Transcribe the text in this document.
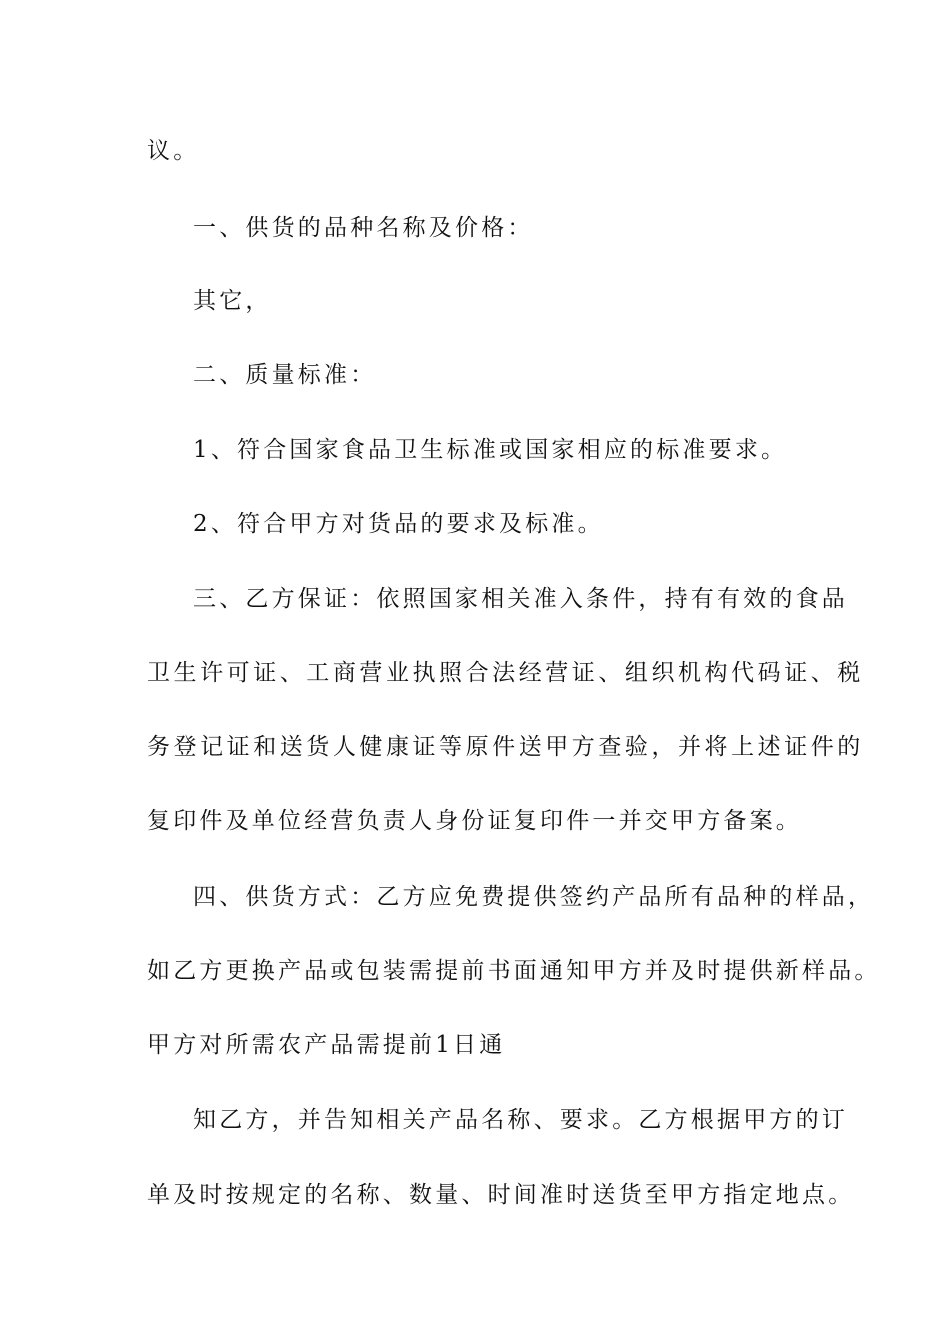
议。
一、供货的品种名称及价格：
其它，
二、质量标准：
1、符合国家食品卫生标准或国家相应的标准要求。
2、符合甲方对货品的要求及标准。
三、乙方保证：依照国家相关准入条件，持有有效的食品
卫生许可证、工商营业执照合法经营证、组织机构代码证、税
务登记证和送货人健康证等原件送甲方查验，并将上述证件的
复印件及单位经营负责人身份证复印件一并交甲方备案。
四、供货方式：乙方应免费提供签约产品所有品种的样品，
如乙方更换产品或包装需提前书面通知甲方并及时提供新样品。
甲方对所需农产品需提前1日通
知乙方，并告知相关产品名称、要求。乙方根据甲方的订
单及时按规定的名称、数量、时间准时送货至甲方指定地点。
